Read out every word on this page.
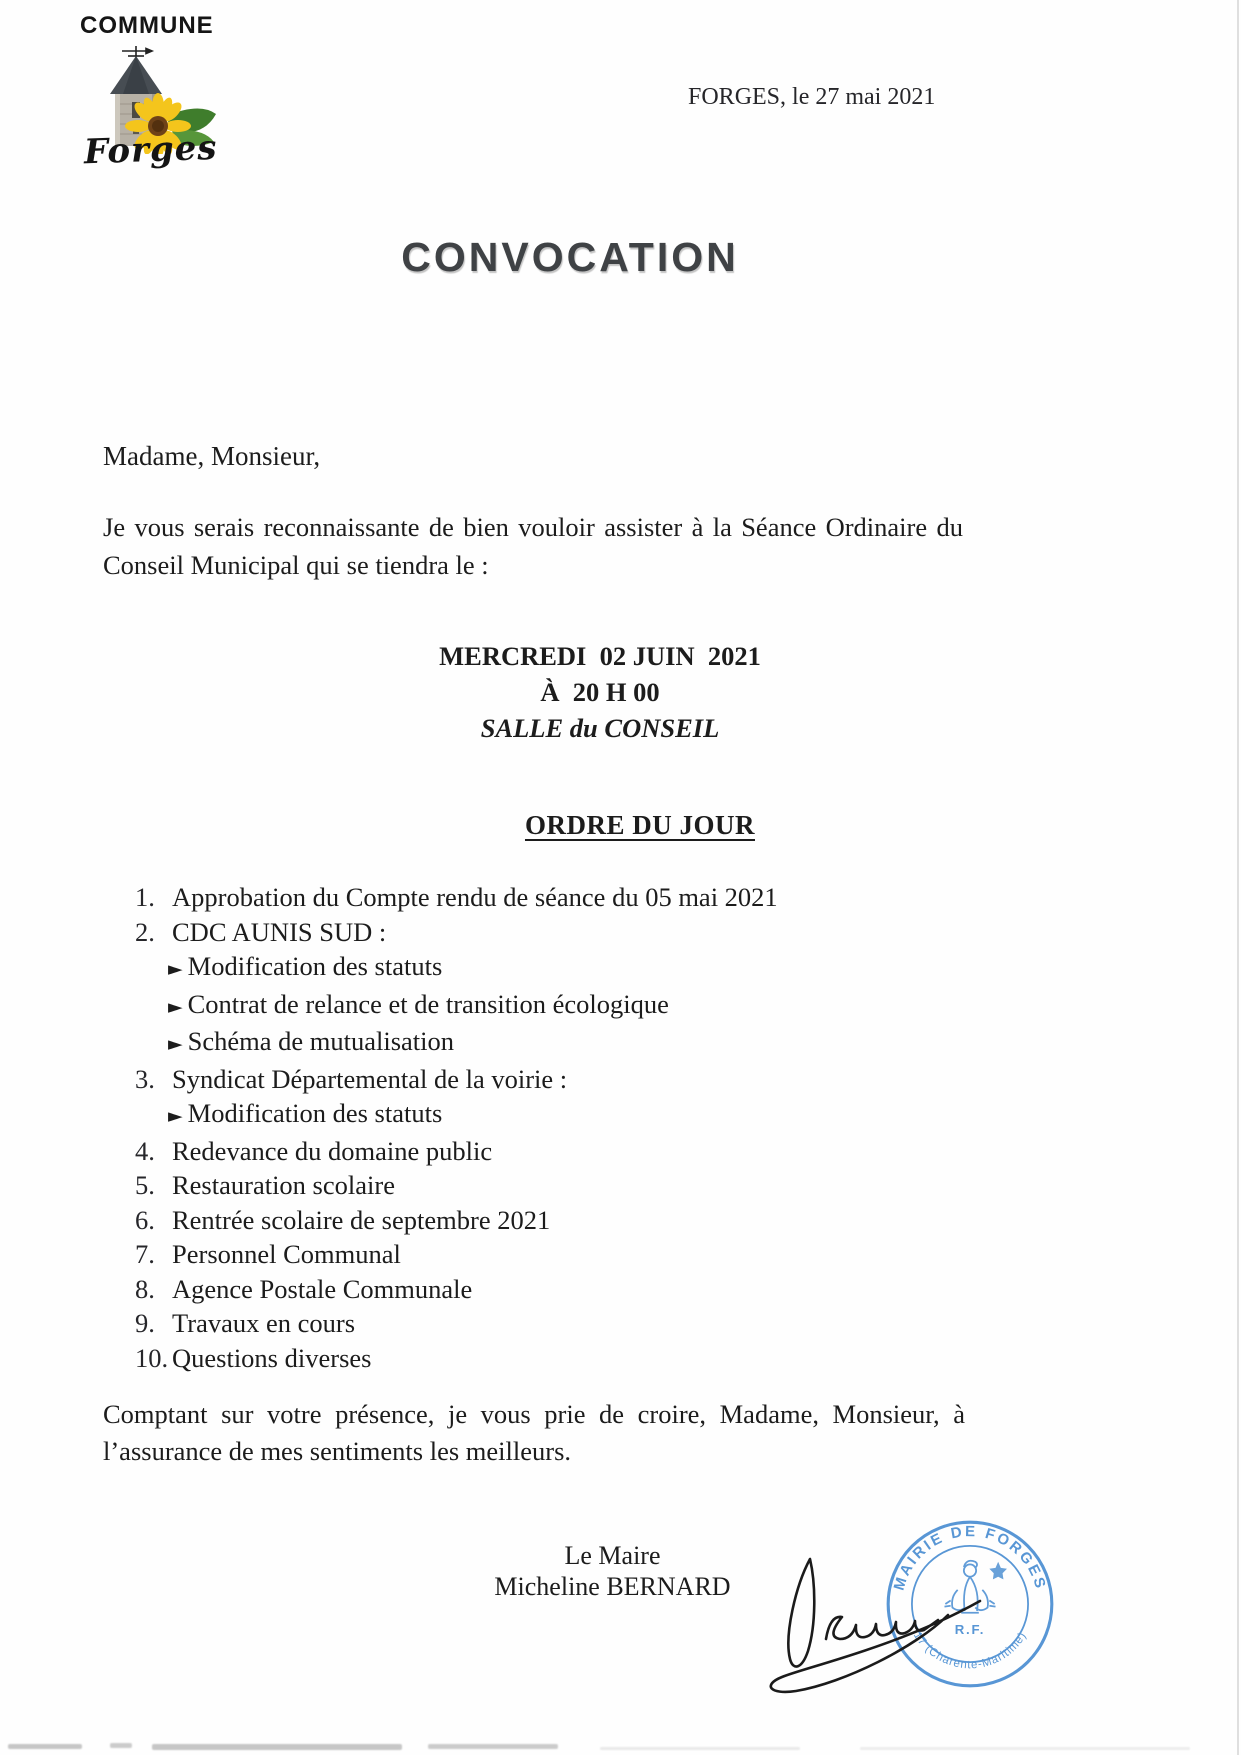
COMMUNE
Forges
FORGES, le 27 mai 2021
CONVOCATION
Madame, Monsieur,
Je vous serais reconnaissante de bien vouloir assister à la Séance Ordinaire du
Conseil Municipal qui se tiendra le :
MERCREDI  02 JUIN  2021
À  20 H 00
SALLE du CONSEIL
ORDRE DU JOUR
1. Approbation du Compte rendu de séance du 05 mai 2021
2. CDC AUNIS SUD :
► Modification des statuts
► Contrat de relance et de transition écologique
► Schéma de mutualisation
3. Syndicat Départemental de la voirie :
► Modification des statuts
4. Redevance du domaine public
5. Restauration scolaire
6. Rentrée scolaire de septembre 2021
7. Personnel Communal
8. Agence Postale Communale
9. Travaux en cours
10. Questions diverses
Comptant sur votre présence, je vous prie de croire, Madame, Monsieur, à
l’assurance de mes sentiments les meilleurs.
Le Maire
Micheline BERNARD	MAIRIE DE FORGES
17 (Charente-Maritime)
R.F.
